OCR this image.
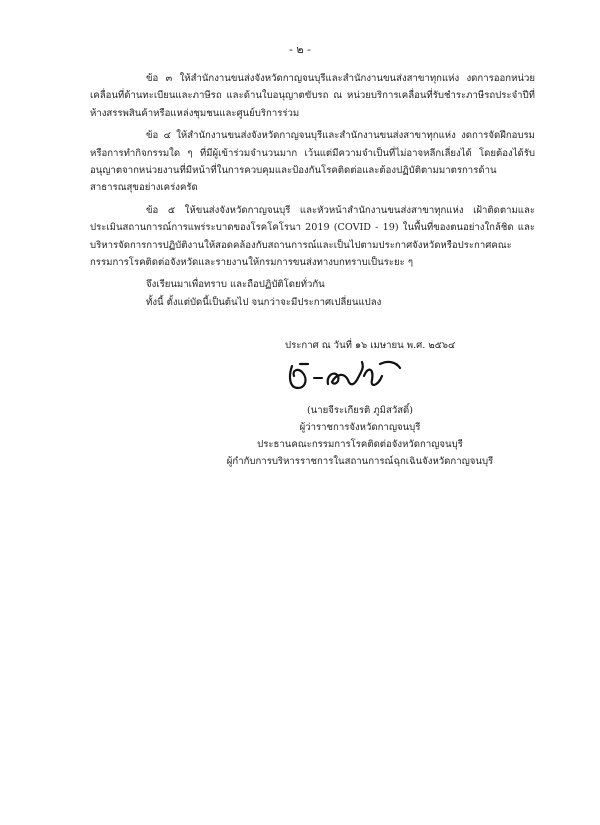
- ๒ -

ข้อ ๓ ให้สำนักงานขนส่งจังหวัดกาญจนบุรีและสำนักงานขนส่งสาขาทุกแห่ง งดการออกหน่วยเคลื่อนที่ด้านทะเบียนและภาษีรถ และด้านใบอนุญาตขับรถ ณ หน่วยบริการเคลื่อนที่รับชำระภาษีรถประจำปีที่ห้างสรรพสินค้าหรือแหล่งชุมชนและศูนย์บริการร่วม

ข้อ ๔ ให้สำนักงานขนส่งจังหวัดกาญจนบุรีและสำนักงานขนส่งสาขาทุกแห่ง งดการจัดฝึกอบรม หรือการทำกิจกรรมใด ๆ ที่มีผู้เข้าร่วมจำนวนมาก เว้นแต่มีความจำเป็นที่ไม่อาจหลีกเลี่ยงได้ โดยต้องได้รับอนุญาตจากหน่วยงานที่มีหน้าที่ในการควบคุมและป้องกันโรคติดต่อและต้องปฏิบัติตามมาตรการด้านสาธารณสุขอย่างเคร่งครัด

ข้อ ๕ ให้ขนส่งจังหวัดกาญจนบุรี และหัวหน้าสำนักงานขนส่งสาขาทุกแห่ง เฝ้าติดตามและประเมินสถานการณ์การแพร่ระบาดของโรคโคโรนา 2019 (COVID - 19) ในพื้นที่ของตนอย่างใกล้ชิด และบริหารจัดการการปฏิบัติงานให้สอดคล้องกับสถานการณ์และเป็นไปตามประกาศจังหวัดหรือประกาศคณะกรรมการโรคติดต่อจังหวัดและรายงานให้กรมการขนส่งทางบกทราบเป็นระยะ ๆ

จึงเรียนมาเพื่อทราบ และถือปฏิบัติโดยทั่วกัน

ทั้งนี้ ตั้งแต่บัดนี้เป็นต้นไป จนกว่าจะมีประกาศเปลี่ยนแปลง

ประกาศ ณ วันที่ ๑๖ เมษายน พ.ศ. ๒๕๖๔
(นายจีระเกียรติ ภูมิสวัสดิ์)
ผู้ว่าราชการจังหวัดกาญจนบุรี
ประธานคณะกรรมการโรคติดต่อจังหวัดกาญจนบุรี
ผู้กำกับการบริหารราชการในสถานการณ์ฉุกเฉินจังหวัดกาญจนบุรี
